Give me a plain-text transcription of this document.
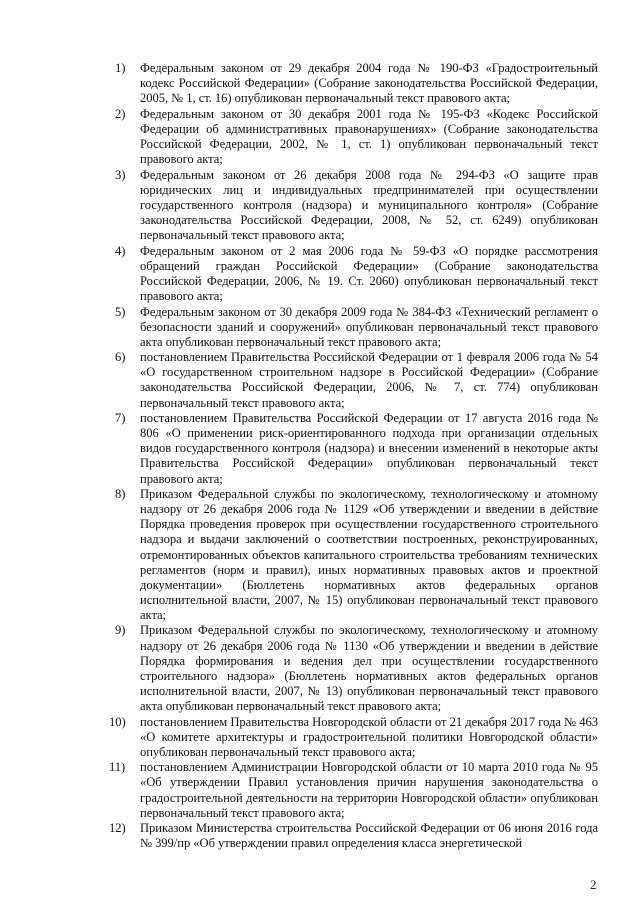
1)	Федеральным законом от 29 декабря 2004 года № 190-ФЗ «Градостроительный кодекс Российской Федерации» (Собрание законодательства Российской Федерации, 2005, № 1, ст. 16) опубликован первоначальный текст правового акта;
2)	Федеральным законом от 30 декабря 2001 года № 195-ФЗ «Кодекс Российской Федерации об административных правонарушениях» (Собрание законодательства Российской Федерации, 2002, № 1, ст. 1) опубликован первоначальный текст правового акта;
3)	Федеральным законом от 26 декабря 2008 года № 294-ФЗ «О защите прав юридических лиц и индивидуальных предпринимателей при осуществлении государственного контроля (надзора) и муниципального контроля» (Собрание законодательства Российской Федерации, 2008, № 52, ст. 6249) опубликован первоначальный текст правового акта;
4)	Федеральным законом от 2 мая 2006 года № 59-ФЗ «О порядке рассмотрения обращений граждан Российской Федерации» (Собрание законодательства Российской Федерации, 2006, № 19. Ст. 2060) опубликован первоначальный текст правового акта;
5)	Федеральным законом от 30 декабря 2009 года № 384-ФЗ «Технический регламент о безопасности зданий и сооружений» опубликован первоначальный текст правового акта опубликован первоначальный текст правового акта;
6)	постановлением Правительства Российской Федерации от 1 февраля 2006 года № 54 «О государственном строительном надзоре в Российской Федерации» (Собрание законодательства Российской Федерации, 2006, № 7, ст. 774) опубликован первоначальный текст правового акта;
7)	постановлением Правительства Российской Федерации от 17 августа 2016 года № 806 «О применении риск-ориентированного подхода при организации отдельных видов государственного контроля (надзора) и внесении изменений в некоторые акты Правительства Российской Федерации» опубликован первоначальный текст правового акта;
8)	Приказом Федеральной службы по экологическому, технологическому и атомному надзору от 26 декабря 2006 года № 1129 «Об утверждении и введении в действие Порядка проведения проверок при осуществлении государственного строительного надзора и выдачи заключений о соответствии построенных, реконструированных, отремонтированных объектов капитального строительства требованиям технических регламентов (норм и правил), иных нормативных правовых актов и проектной документации» (Бюллетень нормативных актов федеральных органов исполнительной власти, 2007, № 15) опубликован первоначальный текст правового акта;
9)	Приказом Федеральной службы по экологическому, технологическому и атомному надзору от 26 декабря 2006 года № 1130 «Об утверждении и введении в действие Порядка формирования и ведения дел при осуществлении государственного строительного надзора» (Бюллетень нормативных актов федеральных органов исполнительной власти, 2007, № 13) опубликован первоначальный текст правового акта опубликован первоначальный текст правового акта;
10)	постановлением Правительства Новгородской области от 21 декабря 2017 года № 463 «О комитете архитектуры и градостроительной политики Новгородской области» опубликован первоначальный текст правового акта;
11)	постановлением Администрации Новгородской области от 10 марта 2010 года № 95 «Об утверждении Правил установления причин нарушения законодательства о градостроительной деятельности на территории Новгородской области» опубликован первоначальный текст правового акта;
12)	Приказом Министерства строительства Российской Федерации от 06 июня 2016 года № 399/пр «Об утверждении правил определения класса энергетической
2
